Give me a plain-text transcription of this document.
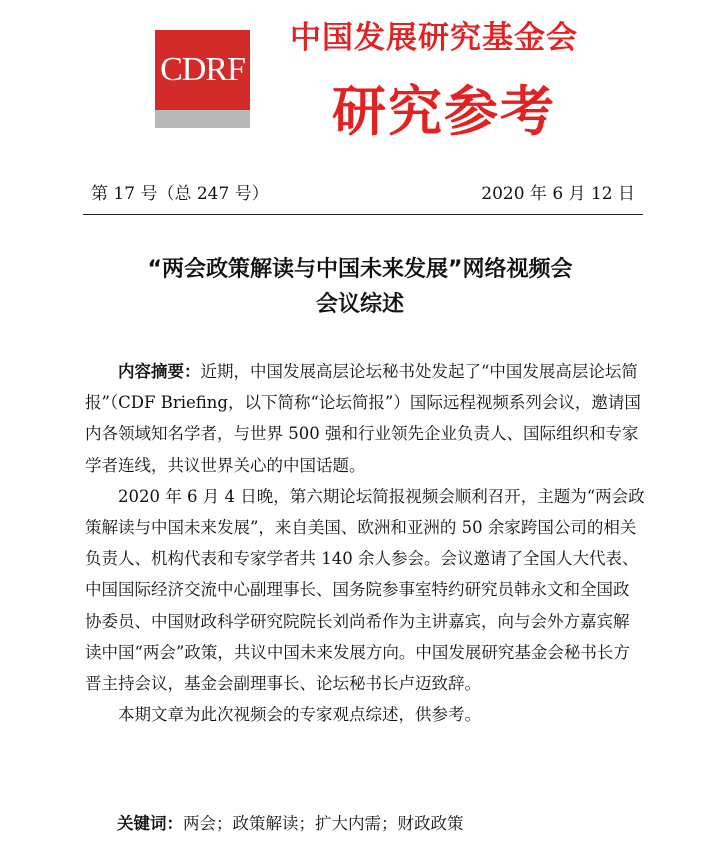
CDRF
中国发展研究基金会
研究参考
第 17 号（总 247 号）	2020 年 6 月 12 日
“两会政策解读与中国未来发展”网络视频会
会议综述

内容摘要：近期，中国发展高层论坛秘书处发起了“中国发展高层论坛简报”（CDF Briefing，以下简称“论坛简报”）国际远程视频系列会议，邀请国内各领域知名学者，与世界 500 强和行业领先企业负责人、国际组织和专家学者连线，共议世界关心的中国话题。

2020 年 6 月 4 日晚，第六期论坛简报视频会顺利召开，主题为“两会政策解读与中国未来发展”，来自美国、欧洲和亚洲的 50 余家跨国公司的相关负责人、机构代表和专家学者共 140 余人参会。会议邀请了全国人大代表、中国国际经济交流中心副理事长、国务院参事室特约研究员韩永文和全国政协委员、中国财政科学研究院院长刘尚希作为主讲嘉宾，向与会外方嘉宾解读中国“两会”政策，共议中国未来发展方向。中国发展研究基金会秘书长方晋主持会议，基金会副理事长、论坛秘书长卢迈致辞。

本期文章为此次视频会的专家观点综述，供参考。

关键词：两会；政策解读；扩大内需；财政政策
